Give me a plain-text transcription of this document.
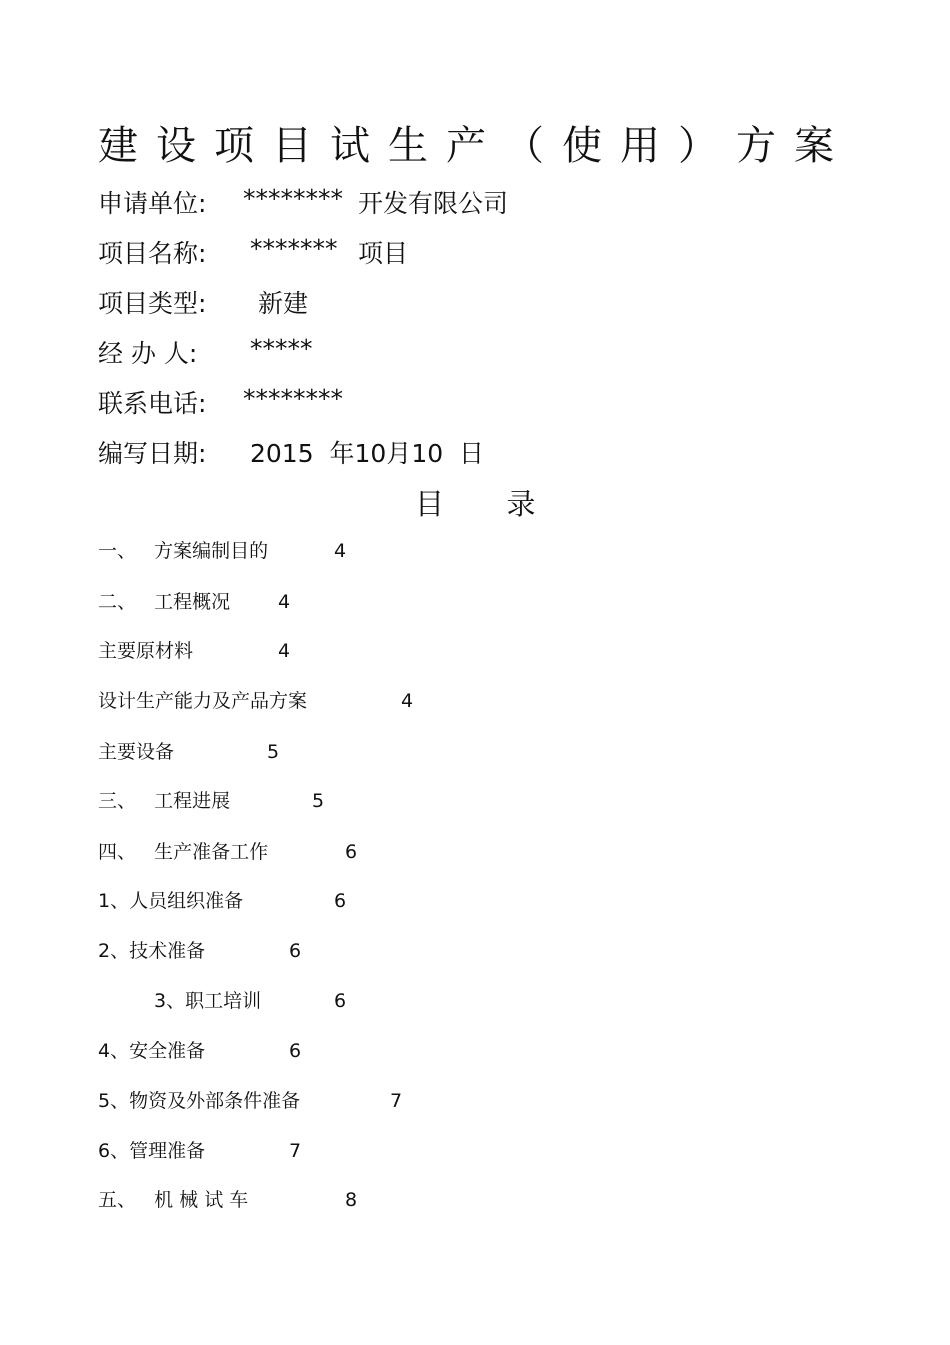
建 设 项 目 试 生 产 （ 使 用 ） 方 案
申请单位: ******** 开发有限公司
项目名称: ******* 项目
项目类型: 新建
经 办 人: *****
联系电话: ********
编写日期: 2015  年10月10  日
目 录
一、   方案编制目的	4
二、   工程概况	4
主要原材料	4
设计生产能力及产品方案	4
主要设备	5
三、   工程进展	5
四、   生产准备工作	6
1、人员组织准备	6
2、技术准备	6
3、职工培训	6
4、安全准备	6
5、物资及外部条件准备	7
6、管理准备	7
五、   机 械 试 车	8
